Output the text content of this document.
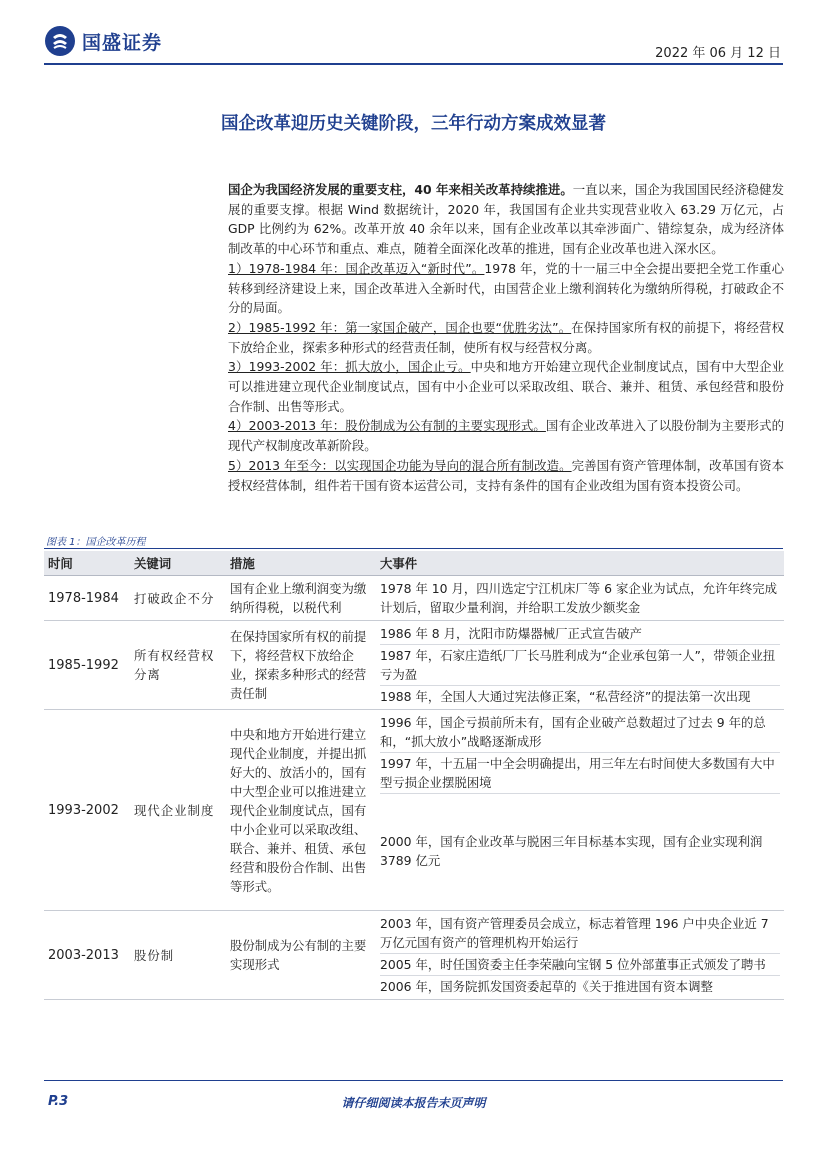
国盛证券	2022 年 06 月 12 日
国企改革迎历史关键阶段，三年行动方案成效显著

国企为我国经济发展的重要支柱，40 年来相关改革持续推进。一直以来，国企为我国国民经济稳健发展的重要支撑。根据 Wind 数据统计，2020 年，我国国有企业共实现营业收入 63.29 万亿元，占 GDP 比例约为 62%。改革开放 40 余年以来，国有企业改革以其牵涉面广、错综复杂，成为经济体制改革的中心环节和重点、难点，随着全面深化改革的推进，国有企业改革也进入深水区。

1）1978-1984 年：国企改革迈入“新时代”。1978 年，党的十一届三中全会提出要把全党工作重心转移到经济建设上来，国企改革进入全新时代，由国营企业上缴利润转化为缴纳所得税，打破政企不分的局面。

2）1985-1992 年：第一家国企破产，国企也要“优胜劣汰”。在保持国家所有权的前提下，将经营权下放给企业，探索多种形式的经营责任制，使所有权与经营权分离。

3）1993-2002 年：抓大放小，国企止亏。中央和地方开始建立现代企业制度试点，国有中大型企业可以推进建立现代企业制度试点，国有中小企业可以采取改组、联合、兼并、租赁、承包经营和股份合作制、出售等形式。

4）2003-2013 年：股份制成为公有制的主要实现形式。国有企业改革进入了以股份制为主要形式的现代产权制度改革新阶段。

5）2013 年至今：以实现国企功能为导向的混合所有制改造。完善国有资产管理体制，改革国有资本授权经营体制，组件若干国有资本运营公司，支持有条件的国有企业改组为国有资本投资公司。

图表 1：国企改革历程
时间	关键词	措施	大事件
1978-1984	打破政企不分	国有企业上缴利润变为缴纳所得税，以税代利	1978 年 10 月，四川选定宁江机床厂等 6 家企业为试点，允许年终完成计划后，留取少量利润，并给职工发放少额奖金

1985-1992	所有权经营权分离	在保持国家所有权的前提下，将经营权下放给企业，探索多种形式的经营责任制	1986 年 8 月，沈阳市防爆器械厂正式宣告破产
1987 年，石家庄造纸厂厂长马胜利成为“企业承包第一人”，带领企业扭亏为盈
1988 年，全国人大通过宪法修正案，“私营经济”的提法第一次出现

1993-2002	现代企业制度	中央和地方开始进行建立现代企业制度，并提出抓好大的、放活小的，国有中大型企业可以推进建立现代企业制度试点，国有中小企业可以采取改组、联合、兼并、租赁、承包经营和股份合作制、出售等形式。	1996 年，国企亏损前所未有，国有企业破产总数超过了过去 9 年的总和，“抓大放小”战略逐渐成形
1997 年，十五届一中全会明确提出，用三年左右时间使大多数国有大中型亏损企业摆脱困境
2000 年，国有企业改革与脱困三年目标基本实现，国有企业实现利润 3789 亿元

2003-2013	股份制	股份制成为公有制的主要实现形式	2003 年，国有资产管理委员会成立，标志着管理 196 户中央企业近 7 万亿元国有资产的管理机构开始运行
2005 年，时任国资委主任李荣融向宝钢 5 位外部董事正式颁发了聘书
2006 年，国务院抓发国资委起草的《关于推进国有资本调整
P.3	请仔细阅读本报告末页声明
